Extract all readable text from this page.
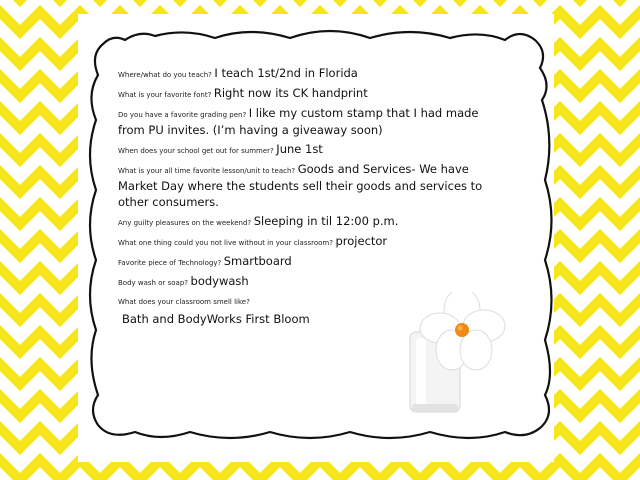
Where/what do you teach? I teach 1st/2nd in Florida
What is your favorite font? Right now its CK handprint
Do you have a favorite grading pen? I like my custom stamp that I had made from PU invites. (I’m having a giveaway soon)
When does your school get out for summer? June 1st
What is your all time favorite lesson/unit to teach? Goods and Services- We have Market Day where the students sell their goods and services to other consumers.
Any guilty pleasures on the weekend? Sleeping in til 12:00 p.m.
What one thing could you not live without in your classroom? projector
Favorite piece of Technology? Smartboard
Body wash or soap? bodywash
What does your classroom smell like?
Bath and BodyWorks First Bloom
